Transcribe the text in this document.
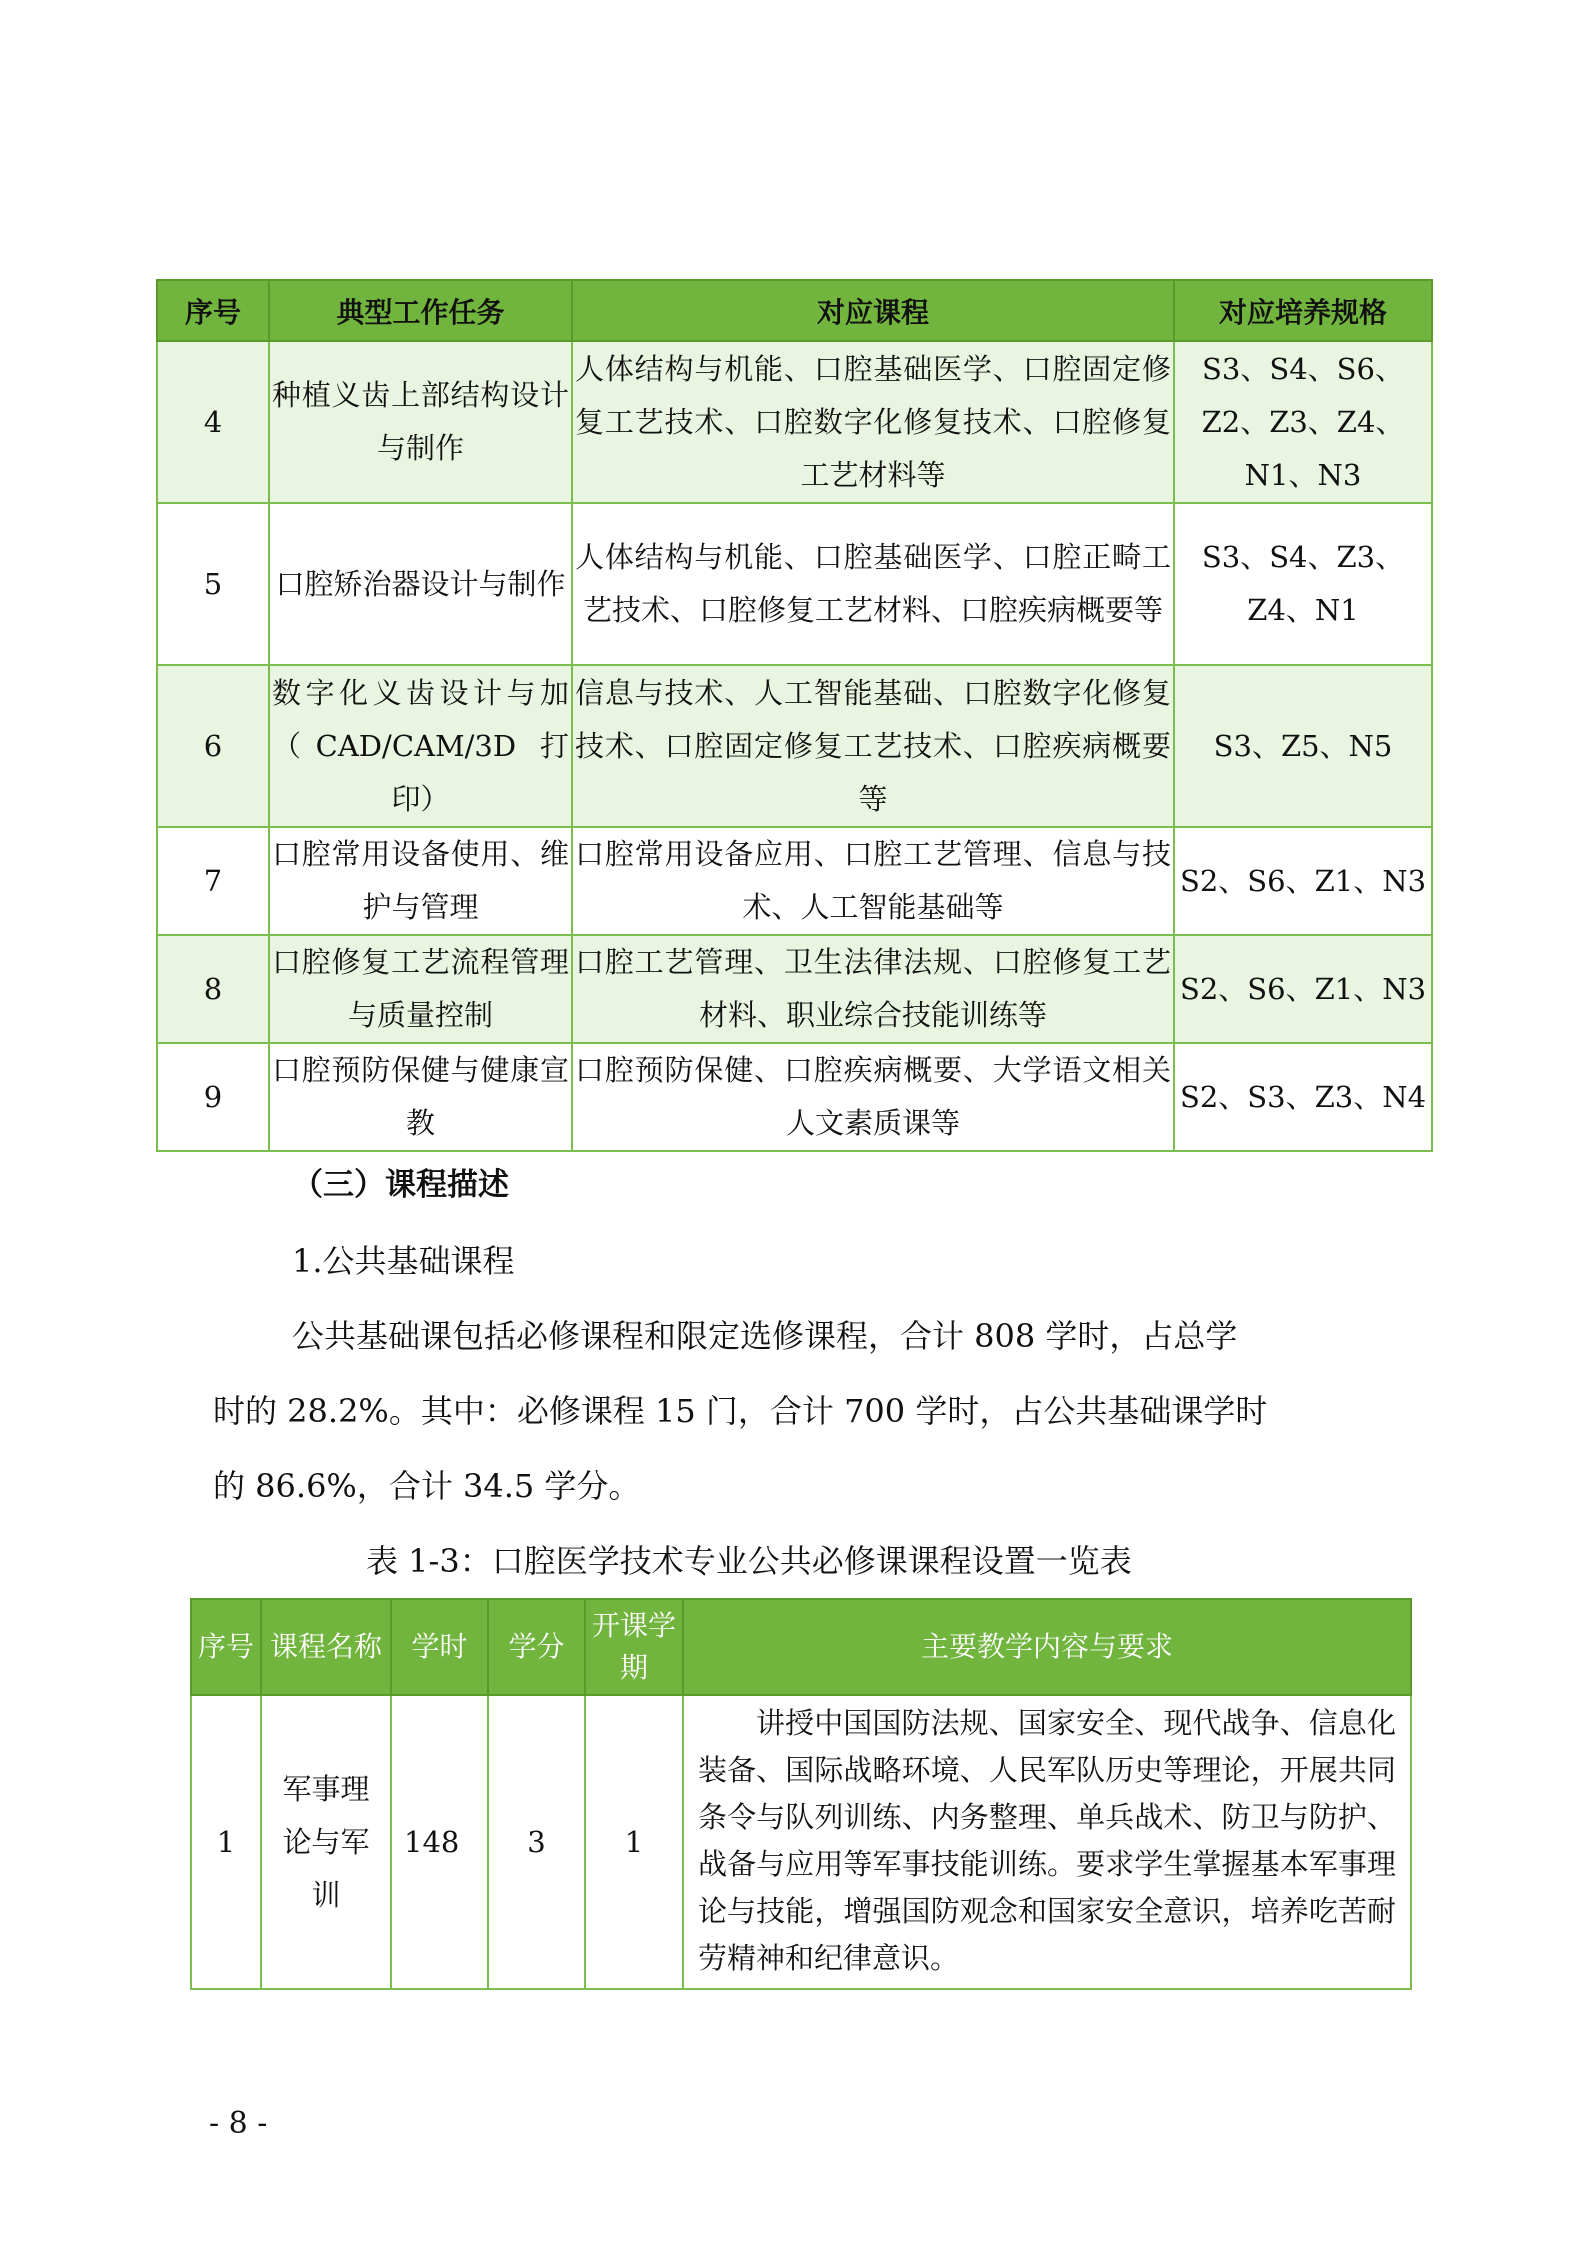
序号	典型工作任务	对应课程	对应培养规格
4	种植义齿上部结构设计与制作	人体结构与机能、口腔基础医学、口腔固定修复工艺技术、口腔数字化修复技术、口腔修复工艺材料等	S3、S4、S6、Z2、Z3、Z4、N1、N3
5	口腔矫治器设计与制作	人体结构与机能、口腔基础医学、口腔正畸工艺技术、口腔修复工艺材料、口腔疾病概要等	S3、S4、Z3、Z4、N1
6	数字化义齿设计与加（CAD/CAM/3D 打印）	信息与技术、人工智能基础、口腔数字化修复技术、口腔固定修复工艺技术、口腔疾病概要等	S3、Z5、N5
7	口腔常用设备使用、维护与管理	口腔常用设备应用、口腔工艺管理、信息与技术、人工智能基础等	S2、S6、Z1、N3
8	口腔修复工艺流程管理与质量控制	口腔工艺管理、卫生法律法规、口腔修复工艺材料、职业综合技能训练等	S2、S6、Z1、N3
9	口腔预防保健与健康宣教	口腔预防保健、口腔疾病概要、大学语文相关人文素质课等	S2、S3、Z3、N4
（三）课程描述
1.公共基础课程
公共基础课包括必修课程和限定选修课程，合计 808 学时，占总学
时的 28.2%。其中：必修课程 15 门，合计 700 学时，占公共基础课学时
的 86.6%，合计 34.5 学分。
表 1-3：口腔医学技术专业公共必修课课程设置一览表
序号	课程名称	学时	学分	开课学期	主要教学内容与要求
1	军事理论与军训	148	3	1	讲授中国国防法规、国家安全、现代战争、信息化装备、国际战略环境、人民军队历史等理论，开展共同条令与队列训练、内务整理、单兵战术、防卫与防护、战备与应用等军事技能训练。要求学生掌握基本军事理论与技能，增强国防观念和国家安全意识，培养吃苦耐劳精神和纪律意识。
- 8 -
